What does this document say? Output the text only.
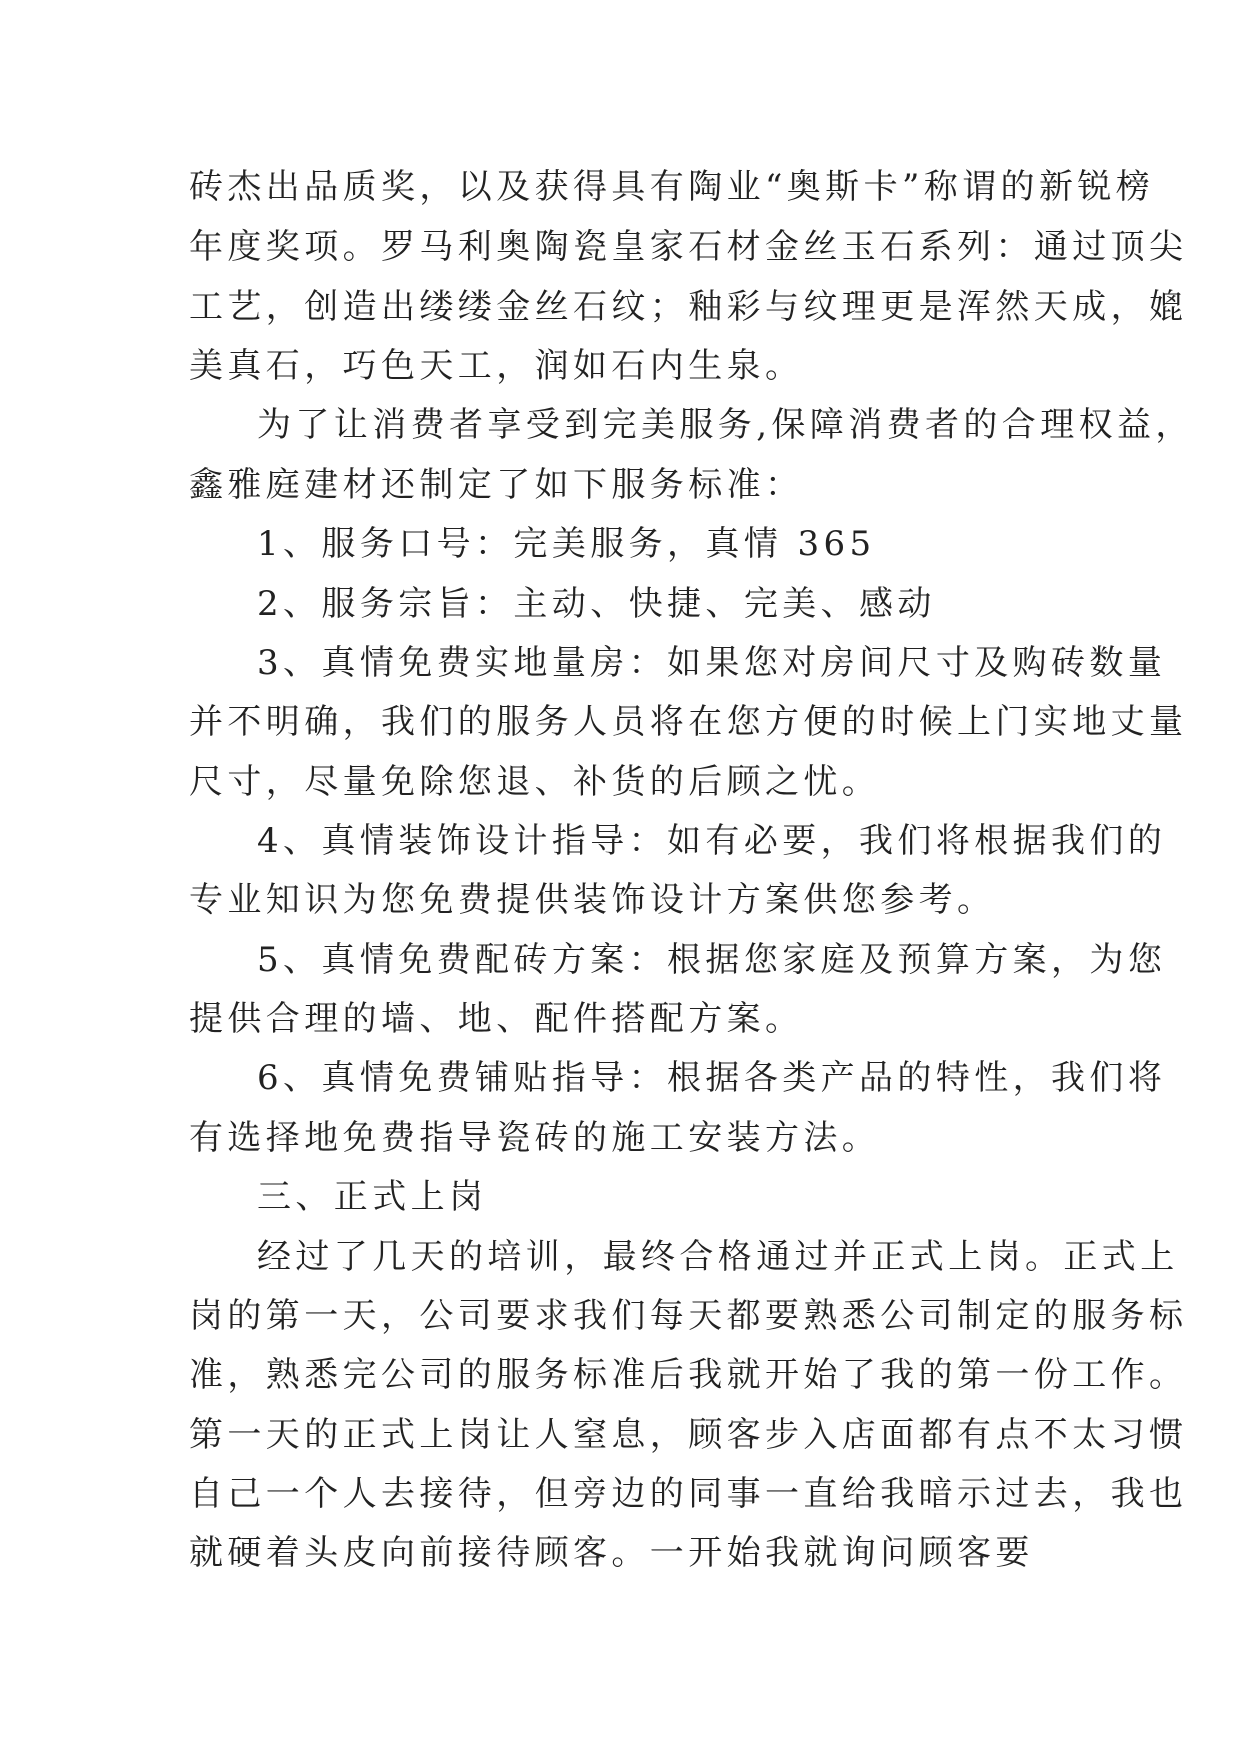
砖杰出品质奖，以及获得具有陶业“奥斯卡”称谓的新锐榜

年度奖项。罗马利奥陶瓷皇家石材金丝玉石系列：通过顶尖

工艺，创造出缕缕金丝石纹；釉彩与纹理更是浑然天成，媲

美真石，巧色天工，润如石内生泉。

为了让消费者享受到完美服务,保障消费者的合理权益，

鑫雅庭建材还制定了如下服务标准：

1、服务口号：完美服务，真情 365

2、服务宗旨：主动、快捷、完美、感动

3、真情免费实地量房：如果您对房间尺寸及购砖数量

并不明确，我们的服务人员将在您方便的时候上门实地丈量

尺寸，尽量免除您退、补货的后顾之忧。

4、真情装饰设计指导：如有必要，我们将根据我们的

专业知识为您免费提供装饰设计方案供您参考。

5、真情免费配砖方案：根据您家庭及预算方案，为您

提供合理的墙、地、配件搭配方案。

6、真情免费铺贴指导：根据各类产品的特性，我们将

有选择地免费指导瓷砖的施工安装方法。

三、正式上岗

经过了几天的培训，最终合格通过并正式上岗。正式上

岗的第一天，公司要求我们每天都要熟悉公司制定的服务标

准，熟悉完公司的服务标准后我就开始了我的第一份工作。

第一天的正式上岗让人窒息，顾客步入店面都有点不太习惯

自己一个人去接待，但旁边的同事一直给我暗示过去，我也

就硬着头皮向前接待顾客。一开始我就询问顾客要
